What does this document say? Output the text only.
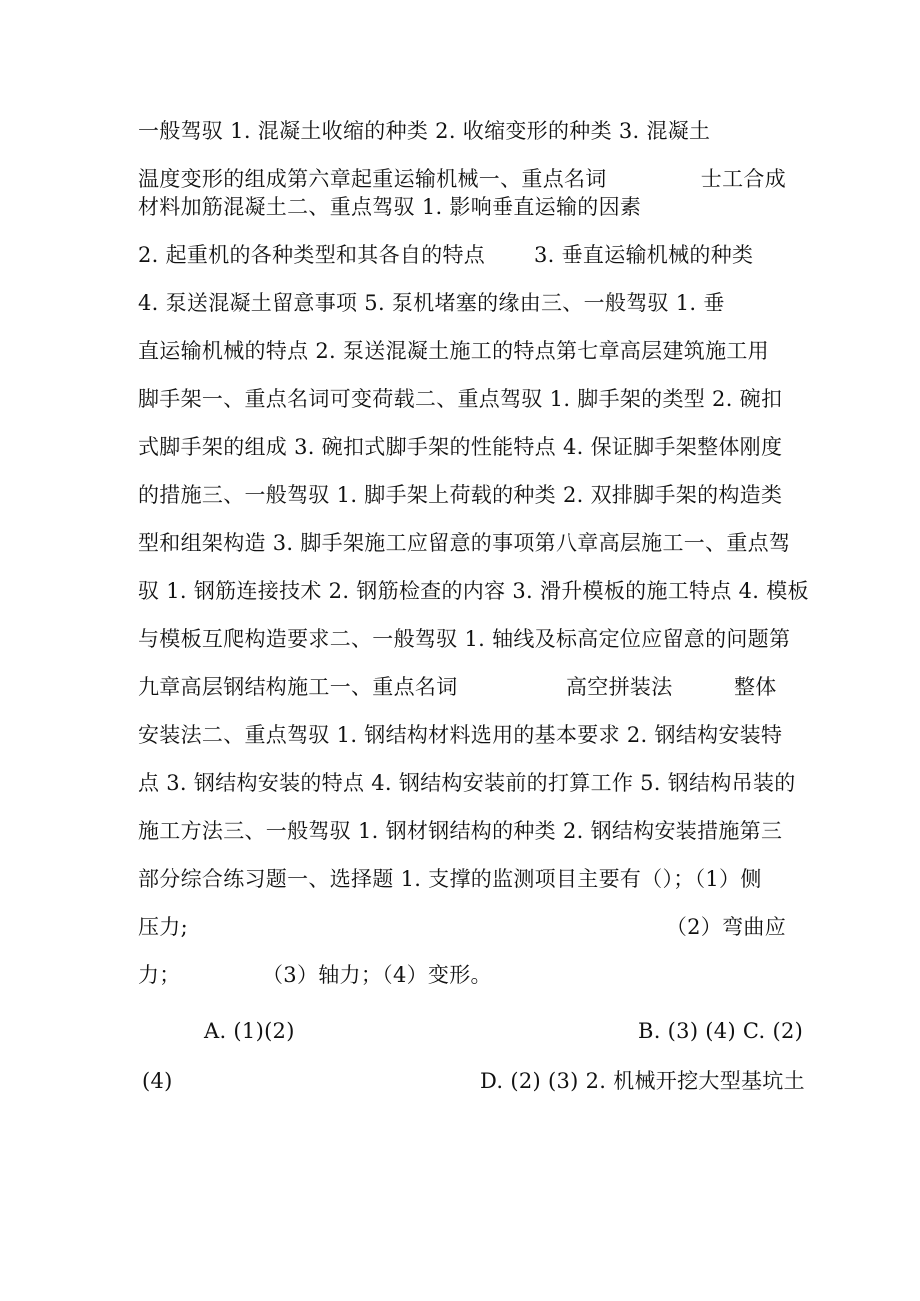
一般驾驭 1. 混凝土收缩的种类 2. 收缩变形的种类 3. 混凝土
温度变形的组成第六章起重运输机械一、重点名词	士工合成
材料加筋混凝土二、重点驾驭 1. 影响垂直运输的因素
2. 起重机的各种类型和其各自的特点 3. 垂直运输机械的种类
4. 泵送混凝土留意事项 5. 泵机堵塞的缘由三、一般驾驭 1. 垂
直运输机械的特点 2. 泵送混凝土施工的特点第七章高层建筑施工用
脚手架一、重点名词可变荷载二、重点驾驭 1. 脚手架的类型 2. 碗扣
式脚手架的组成 3. 碗扣式脚手架的性能特点 4. 保证脚手架整体刚度
的措施三、一般驾驭 1. 脚手架上荷载的种类 2. 双排脚手架的构造类
型和组架构造 3. 脚手架施工应留意的事项第八章高层施工一、重点驾
驭 1. 钢筋连接技术 2. 钢筋检查的内容 3. 滑升模板的施工特点 4. 模板
与模板互爬构造要求二、一般驾驭 1. 轴线及标高定位应留意的问题第
九章高层钢结构施工一、重点名词	高空拼装法	整体
安装法二、重点驾驭 1. 钢结构材料选用的基本要求 2. 钢结构安装特
点 3. 钢结构安装的特点 4. 钢结构安装前的打算工作 5. 钢结构吊装的
施工方法三、一般驾驭 1. 钢材钢结构的种类 2. 钢结构安装措施第三
部分综合练习题一、选择题 1. 支撑的监测项目主要有（）；（1）侧
压力;	（2）弯曲应
力；	（3）轴力；（4）变形。
A. (1)(2)	B. (3) (4) C. (2)
(4)	D. (2) (3) 2. 机械开挖大型基坑土
